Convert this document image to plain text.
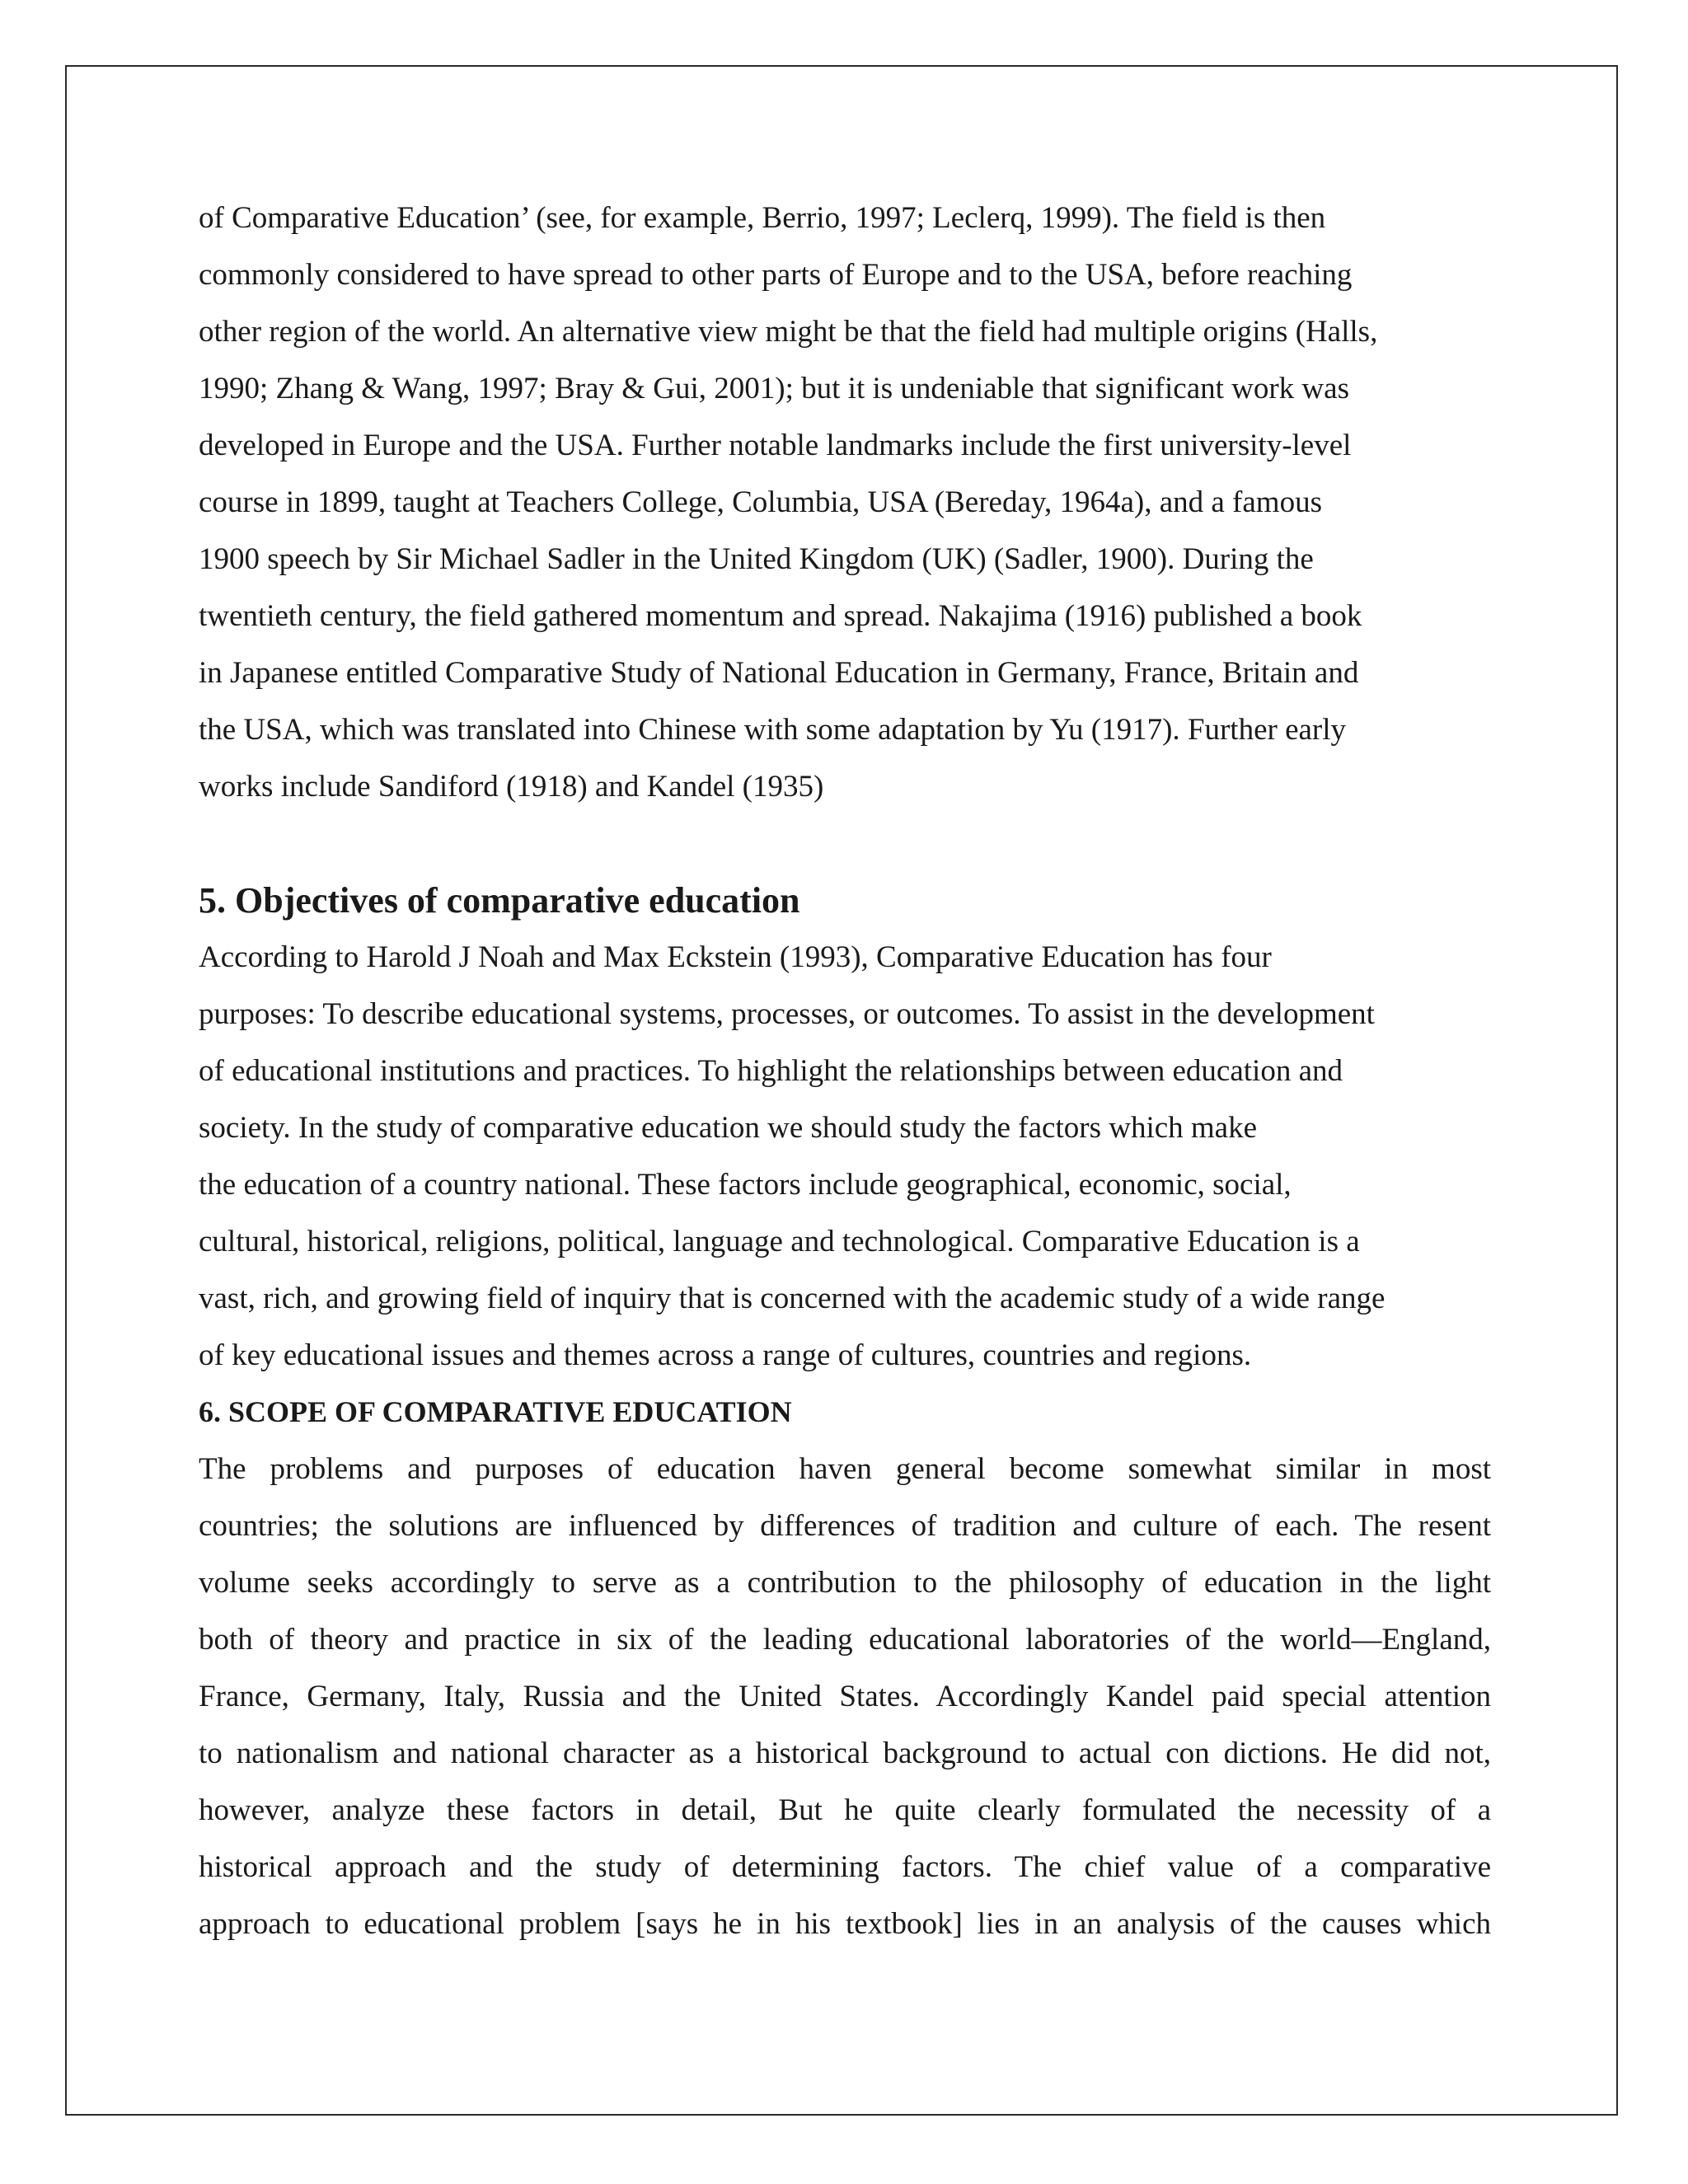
of Comparative Education’ (see, for example, Berrio, 1997; Leclerq, 1999). The field is then
commonly considered to have spread to other parts of Europe and to the USA, before reaching
other region of the world. An alternative view might be that the field had multiple origins (Halls,
1990; Zhang & Wang, 1997; Bray & Gui, 2001); but it is undeniable that significant work was
developed in Europe and the USA. Further notable landmarks include the first university-level
course in 1899, taught at Teachers College, Columbia, USA (Bereday, 1964a), and a famous
1900 speech by Sir Michael Sadler in the United Kingdom (UK) (Sadler, 1900). During the
twentieth century, the field gathered momentum and spread. Nakajima (1916) published a book
in Japanese entitled Comparative Study of National Education in Germany, France, Britain and
the USA, which was translated into Chinese with some adaptation by Yu (1917). Further early
works include Sandiford (1918) and Kandel (1935)

5. Objectives of comparative education

According to Harold J Noah and Max Eckstein (1993), Comparative Education has four
purposes: To describe educational systems, processes, or outcomes. To assist in the development
of educational institutions and practices. To highlight the relationships between education and
society. In the study of comparative education we should study the factors which make
the education of a country national. These factors include geographical, economic, social,
cultural, historical, religions, political, language and technological. Comparative Education is a
vast, rich, and growing field of inquiry that is concerned with the academic study of a wide range
of key educational issues and themes across a range of cultures, countries and regions.

6. SCOPE OF COMPARATIVE EDUCATION

The problems and purposes of education haven general become somewhat similar in most
countries; the solutions are influenced by differences of tradition and culture of each. The resent
volume seeks accordingly to serve as a contribution to the philosophy of education in the light
both of theory and practice in six of the leading educational laboratories of the world—England,
France, Germany, Italy, Russia and the United States. Accordingly Kandel paid special attention
to nationalism and national character as a historical background to actual con dictions. He did not,
however, analyze these factors in detail, But he quite clearly formulated the necessity of a
historical approach and the study of determining factors. The chief value of a comparative
approach to educational problem [says he in his textbook] lies in an analysis of the causes which
